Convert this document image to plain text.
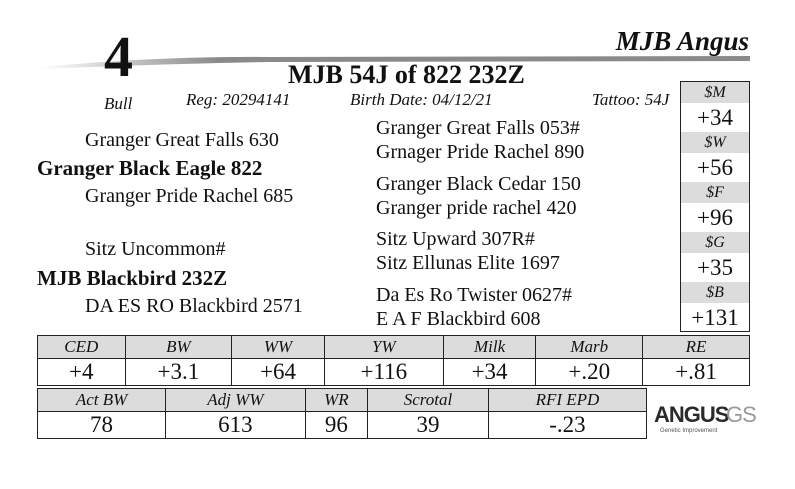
4
Bull
MJB Angus
MJB 54J of 822 232Z
Reg: 20294141	Birth Date: 04/12/21	Tattoo: 54J
Granger Great Falls 630
Granger Black Eagle 822
Granger Pride Rachel 685
Sitz Uncommon#
MJB Blackbird 232Z
DA ES RO Blackbird 2571
Granger Great Falls 053#
Grnager Pride Rachel 890
Granger Black Cedar 150
Granger pride rachel 420
Sitz Upward 307R#
Sitz Ellunas Elite 1697
Da Es Ro Twister 0627#
E A F Blackbird 608
$M
+34
$W
+56
$F
+96
$G
+35
$B
+131
CED	BW	WW	YW	Milk	Marb	RE
+4	+3.1	+64	+116	+34	+.20	+.81
Act BW	Adj WW	WR	Scrotal	RFI EPD
78	613	96	39	-.23	ANGUS
GS
Genetic Improvement
